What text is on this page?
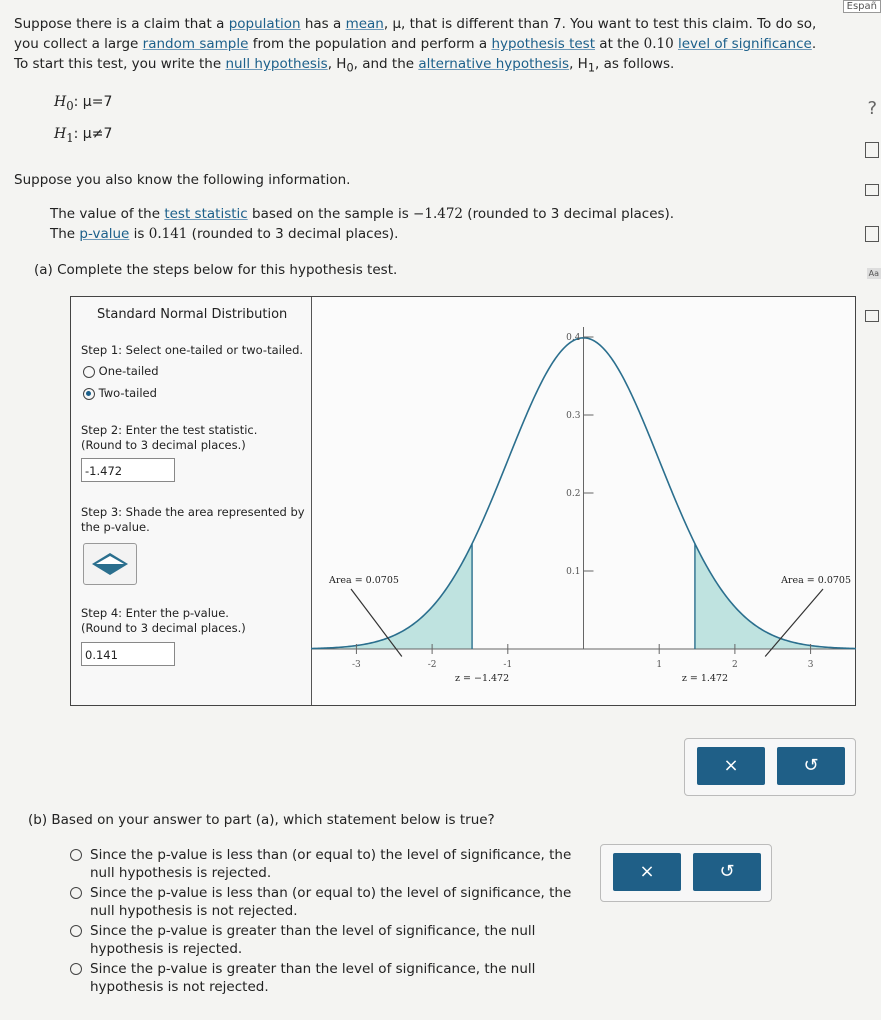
Españ
Suppose there is a claim that a population has a mean, μ, that is different than 7. You want to test this claim. To do so, you collect a large random sample from the population and perform a hypothesis test at the 0.10 level of significance. To start this test, you write the null hypothesis, $H_0$, and the alternative hypothesis, $H_1$, as follows.
$H_0$: μ=7
$H_1$: μ≠7
Suppose you also know the following information.
The value of the test statistic based on the sample is −1.472 (rounded to 3 decimal places).
The p-value is 0.141 (rounded to 3 decimal places).
(a) Complete the steps below for this hypothesis test.
Standard Normal Distribution
Step 1: Select one-tailed or two-tailed.
One-tailed
Two-tailed
Step 2: Enter the test statistic.
(Round to 3 decimal places.)
-1.472
Step 3: Shade the area represented by
the p-value.
Step 4: Enter the p-value.
(Round to 3 decimal places.)
0.141
-3	-2	-1	1	2	3
0.1
0.2
0.3
0.4
Area = 0.0705	Area = 0.0705
z = −1.472	z = 1.472
×	↺
(b) Based on your answer to part (a), which statement below is true?
Since the p-value is less than (or equal to) the level of significance, the
null hypothesis is rejected.
Since the p-value is less than (or equal to) the level of significance, the
null hypothesis is not rejected.
Since the p-value is greater than the level of significance, the null
hypothesis is rejected.
Since the p-value is greater than the level of significance, the null
hypothesis is not rejected.
×	↺
?
Aa
